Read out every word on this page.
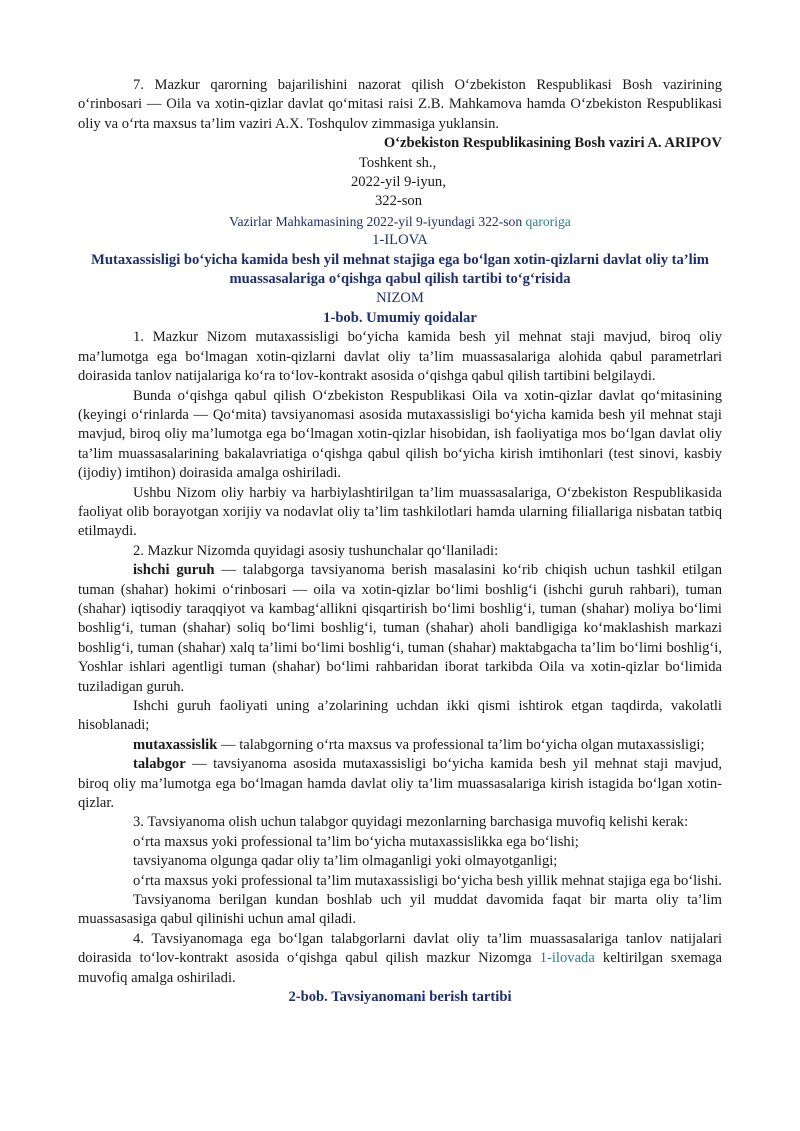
7. Mazkur qarorning bajarilishini nazorat qilish O‘zbekiston Respublikasi Bosh vazirining o‘rinbosari — Oila va xotin-qizlar davlat qo‘mitasi raisi Z.B. Mahkamova hamda O‘zbekiston Respublikasi oliy va o‘rta maxsus ta’lim vaziri A.X. Toshqulov zimmasiga yuklansin.

O‘zbekiston Respublikasining Bosh vaziri A. ARIPOV

Toshkent sh.,

2022-yil 9-iyun,

322-son

Vazirlar Mahkamasining 2022-yil 9-iyundagi 322-son qaroriga

1-ILOVA

Mutaxassisligi bo‘yicha kamida besh yil mehnat stajiga ega bo‘lgan xotin-qizlarni davlat oliy ta’lim muassasalariga o‘qishga qabul qilish tartibi to‘g‘risida

NIZOM

1-bob. Umumiy qoidalar

1. Mazkur Nizom mutaxassisligi bo‘yicha kamida besh yil mehnat staji mavjud, biroq oliy ma’lumotga ega bo‘lmagan xotin-qizlarni davlat oliy ta’lim muassasalariga alohida qabul parametrlari doirasida tanlov natijalariga ko‘ra to‘lov-kontrakt asosida o‘qishga qabul qilish tartibini belgilaydi.

Bunda o‘qishga qabul qilish O‘zbekiston Respublikasi Oila va xotin-qizlar davlat qo‘mitasining (keyingi o‘rinlarda — Qo‘mita) tavsiyanomasi asosida mutaxassisligi bo‘yicha kamida besh yil mehnat staji mavjud, biroq oliy ma’lumotga ega bo‘lmagan xotin-qizlar hisobidan, ish faoliyatiga mos bo‘lgan davlat oliy ta’lim muassasalarining bakalavriatiga o‘qishga qabul qilish bo‘yicha kirish imtihonlari (test sinovi, kasbiy (ijodiy) imtihon) doirasida amalga oshiriladi.

Ushbu Nizom oliy harbiy va harbiylashtirilgan ta’lim muassasalariga, O‘zbekiston Respublikasida faoliyat olib borayotgan xorijiy va nodavlat oliy ta’lim tashkilotlari hamda ularning filiallariga nisbatan tatbiq etilmaydi.

2. Mazkur Nizomda quyidagi asosiy tushunchalar qo‘llaniladi:

ishchi guruh — talabgorga tavsiyanoma berish masalasini ko‘rib chiqish uchun tashkil etilgan tuman (shahar) hokimi o‘rinbosari — oila va xotin-qizlar bo‘limi boshlig‘i (ishchi guruh rahbari), tuman (shahar) iqtisodiy taraqqiyot va kambag‘allikni qisqartirish bo‘limi boshlig‘i, tuman (shahar) moliya bo‘limi boshlig‘i, tuman (shahar) soliq bo‘limi boshlig‘i, tuman (shahar) aholi bandligiga ko‘maklashish markazi boshlig‘i, tuman (shahar) xalq ta’limi bo‘limi boshlig‘i, tuman (shahar) maktabgacha ta’lim bo‘limi boshlig‘i, Yoshlar ishlari agentligi tuman (shahar) bo‘limi rahbaridan iborat tarkibda Oila va xotin-qizlar bo‘limida tuziladigan guruh.

Ishchi guruh faoliyati uning a’zolarining uchdan ikki qismi ishtirok etgan taqdirda, vakolatli hisoblanadi;

mutaxassislik — talabgorning o‘rta maxsus va professional ta’lim bo‘yicha olgan mutaxassisligi;

talabgor — tavsiyanoma asosida mutaxassisligi bo‘yicha kamida besh yil mehnat staji mavjud, biroq oliy ma’lumotga ega bo‘lmagan hamda davlat oliy ta’lim muassasalariga kirish istagida bo‘lgan xotin-qizlar.

3. Tavsiyanoma olish uchun talabgor quyidagi mezonlarning barchasiga muvofiq kelishi kerak:

o‘rta maxsus yoki professional ta’lim bo‘yicha mutaxassislikka ega bo‘lishi;

tavsiyanoma olgunga qadar oliy ta’lim olmaganligi yoki olmayotganligi;

o‘rta maxsus yoki professional ta’lim mutaxassisligi bo‘yicha besh yillik mehnat stajiga ega bo‘lishi.

Tavsiyanoma berilgan kundan boshlab uch yil muddat davomida faqat bir marta oliy ta’lim muassasasiga qabul qilinishi uchun amal qiladi.

4. Tavsiyanomaga ega bo‘lgan talabgorlarni davlat oliy ta’lim muassasalariga tanlov natijalari doirasida to‘lov-kontrakt asosida o‘qishga qabul qilish mazkur Nizomga 1-ilovada keltirilgan sxemaga muvofiq amalga oshiriladi.

2-bob. Tavsiyanomani berish tartibi
